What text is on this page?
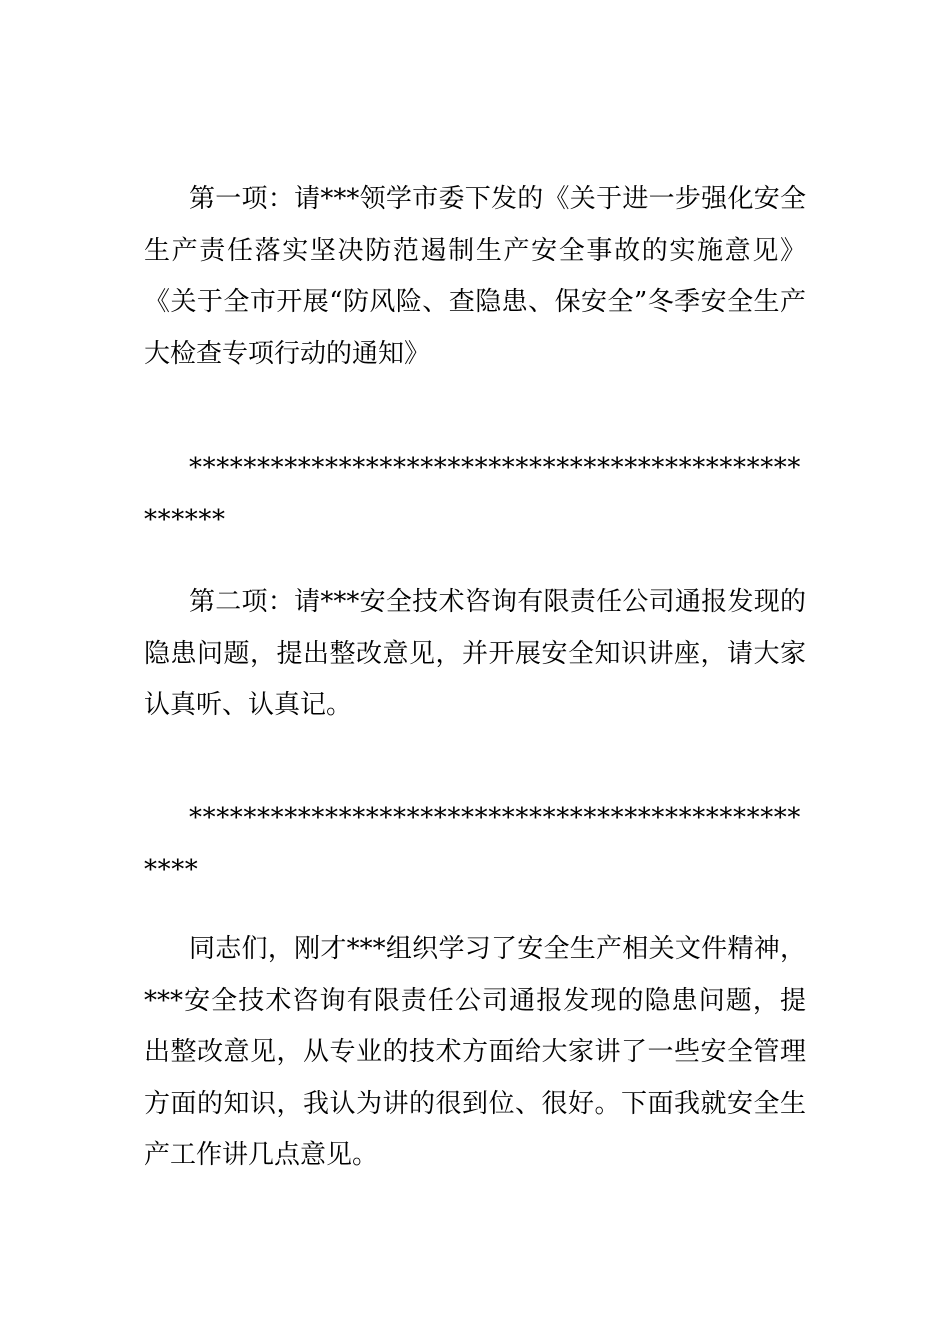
第一项：请***领学市委下发的《关于进一步强化安全生产责任落实坚决防范遏制生产安全事故的实施意见》《关于全市开展“防风险、查隐患、保安全”冬季安全生产大检查专项行动的通知》

***************************************************

第二项：请***安全技术咨询有限责任公司通报发现的隐患问题，提出整改意见，并开展安全知识讲座，请大家认真听、认真记。

*************************************************

同志们，刚才***组织学习了安全生产相关文件精神，***安全技术咨询有限责任公司通报发现的隐患问题，提出整改意见，从专业的技术方面给大家讲了一些安全管理方面的知识，我认为讲的很到位、很好。下面我就安全生产工作讲几点意见。
